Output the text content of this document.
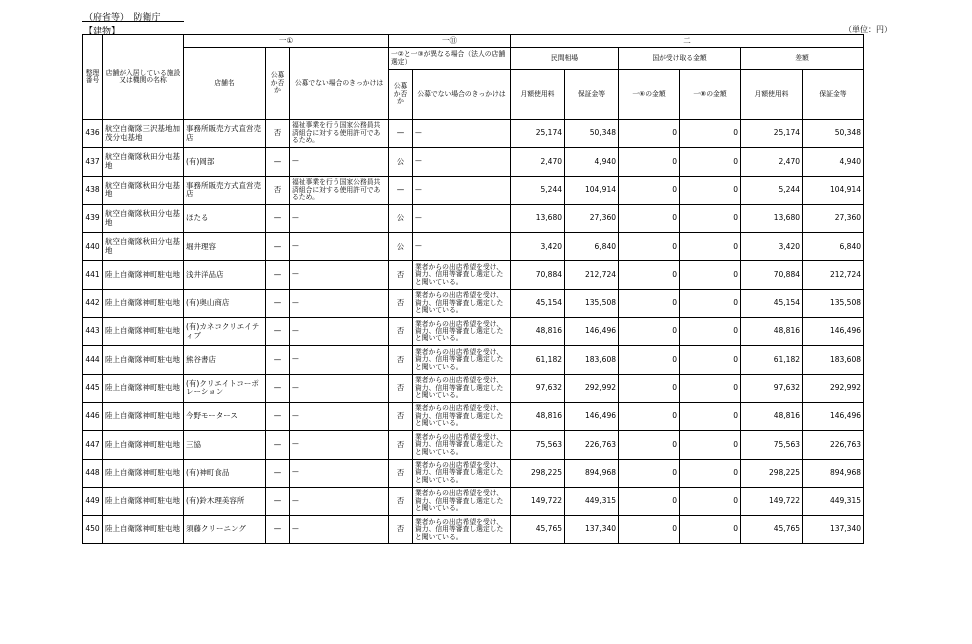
（府省等）　防衛庁
【建物】	（単位：円）
整理番号	店舗が入居している施設又は機関の名称	一①			一⑪		二					
		店舗名	公募か否か	公募でない場合のきっかけは	一②と一③が異なる場合（法人の店舗選定）		民間相場		国が受け取る金額		差額	
					公募か否か	公募でない場合のきっかけは	月額使用料	保証金等	一⑥の金額	一⑧の金額	月額使用料	保証金等
436	航空自衛隊三沢基地加茂分屯基地	事務所販売方式直営売店	否	福祉事業を行う国家公務員共済組合に対する使用許可であるため。	—	—	25,174	50,348	0	0	25,174	50,348
437	航空自衛隊秋田分屯基地	(有)岡部	—	—	公	—	2,470	4,940	0	0	2,470	4,940
438	航空自衛隊秋田分屯基地	事務所販売方式直営売店	否	福祉事業を行う国家公務員共済組合に対する使用許可であるため。	—	—	5,244	104,914	0	0	5,244	104,914
439	航空自衛隊秋田分屯基地	ほたる	—	—	公	—	13,680	27,360	0	0	13,680	27,360
440	航空自衛隊秋田分屯基地	堀井理容	—	—	公	—	3,420	6,840	0	0	3,420	6,840
441	陸上自衛隊神町駐屯地	浅井洋品店	—	—	否	業者からの出店希望を受け、資力、信用等審査し選定したと聞いている。	70,884	212,724	0	0	70,884	212,724
442	陸上自衛隊神町駐屯地	(有)奥山商店	—	—	否	業者からの出店希望を受け、資力、信用等審査し選定したと聞いている。	45,154	135,508	0	0	45,154	135,508
443	陸上自衛隊神町駐屯地	(有)カネコクリエイティブ	—	—	否	業者からの出店希望を受け、資力、信用等審査し選定したと聞いている。	48,816	146,496	0	0	48,816	146,496
444	陸上自衛隊神町駐屯地	熊谷書店	—	—	否	業者からの出店希望を受け、資力、信用等審査し選定したと聞いている。	61,182	183,608	0	0	61,182	183,608
445	陸上自衛隊神町駐屯地	(有)クリエイトコーポレーション	—	—	否	業者からの出店希望を受け、資力、信用等審査し選定したと聞いている。	97,632	292,992	0	0	97,632	292,992
446	陸上自衛隊神町駐屯地	今野モータース	—	—	否	業者からの出店希望を受け、資力、信用等審査し選定したと聞いている。	48,816	146,496	0	0	48,816	146,496
447	陸上自衛隊神町駐屯地	三協	—	—	否	業者からの出店希望を受け、資力、信用等審査し選定したと聞いている。	75,563	226,763	0	0	75,563	226,763
448	陸上自衛隊神町駐屯地	(有)神町食品	—	—	否	業者からの出店希望を受け、資力、信用等審査し選定したと聞いている。	298,225	894,968	0	0	298,225	894,968
449	陸上自衛隊神町駐屯地	(有)鈴木理美容所	—	—	否	業者からの出店希望を受け、資力、信用等審査し選定したと聞いている。	149,722	449,315	0	0	149,722	449,315
450	陸上自衛隊神町駐屯地	須藤クリーニング	—	—	否	業者からの出店希望を受け、資力、信用等審査し選定したと聞いている。	45,765	137,340	0	0	45,765	137,340
